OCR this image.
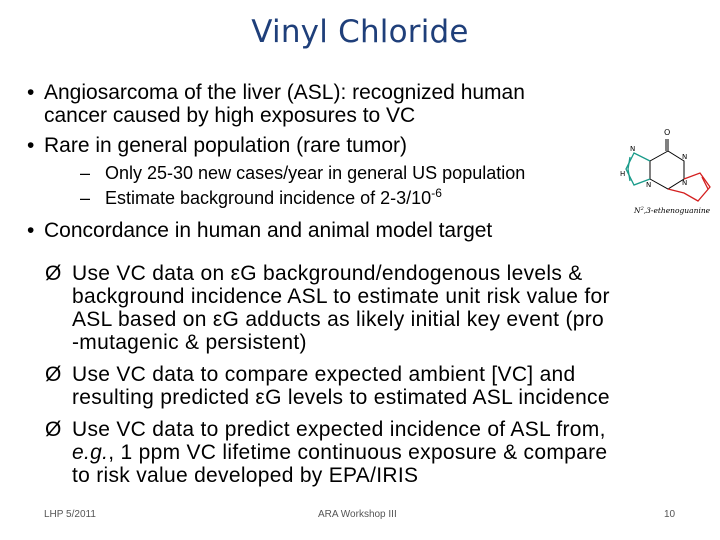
Vinyl Chloride
• Angiosarcoma of the liver (ASL): recognized human
cancer caused by high exposures to VC
• Rare in general population (rare tumor)
– Only 25-30 new cases/year in general US population
– Estimate background incidence of $2-3/10^{-6}$
• Concordance in human and animal model target
Ø Use VC data on εG background/endogenous levels &
background incidence ASL to estimate unit risk value for
ASL based on εG adducts as likely initial key event (pro
-mutagenic & persistent)
Ø Use VC data to compare expected ambient [VC] and
resulting predicted εG levels to estimated ASL incidence
Ø Use VC data to predict expected incidence of ASL from,
e.g., 1 ppm VC lifetime continuous exposure & compare
to risk value developed by EPA/IRIS
O
N
N
H
N	N
$N^2,3$-ethenoguanine
LHP 5/2011	ARA Workshop III	10
